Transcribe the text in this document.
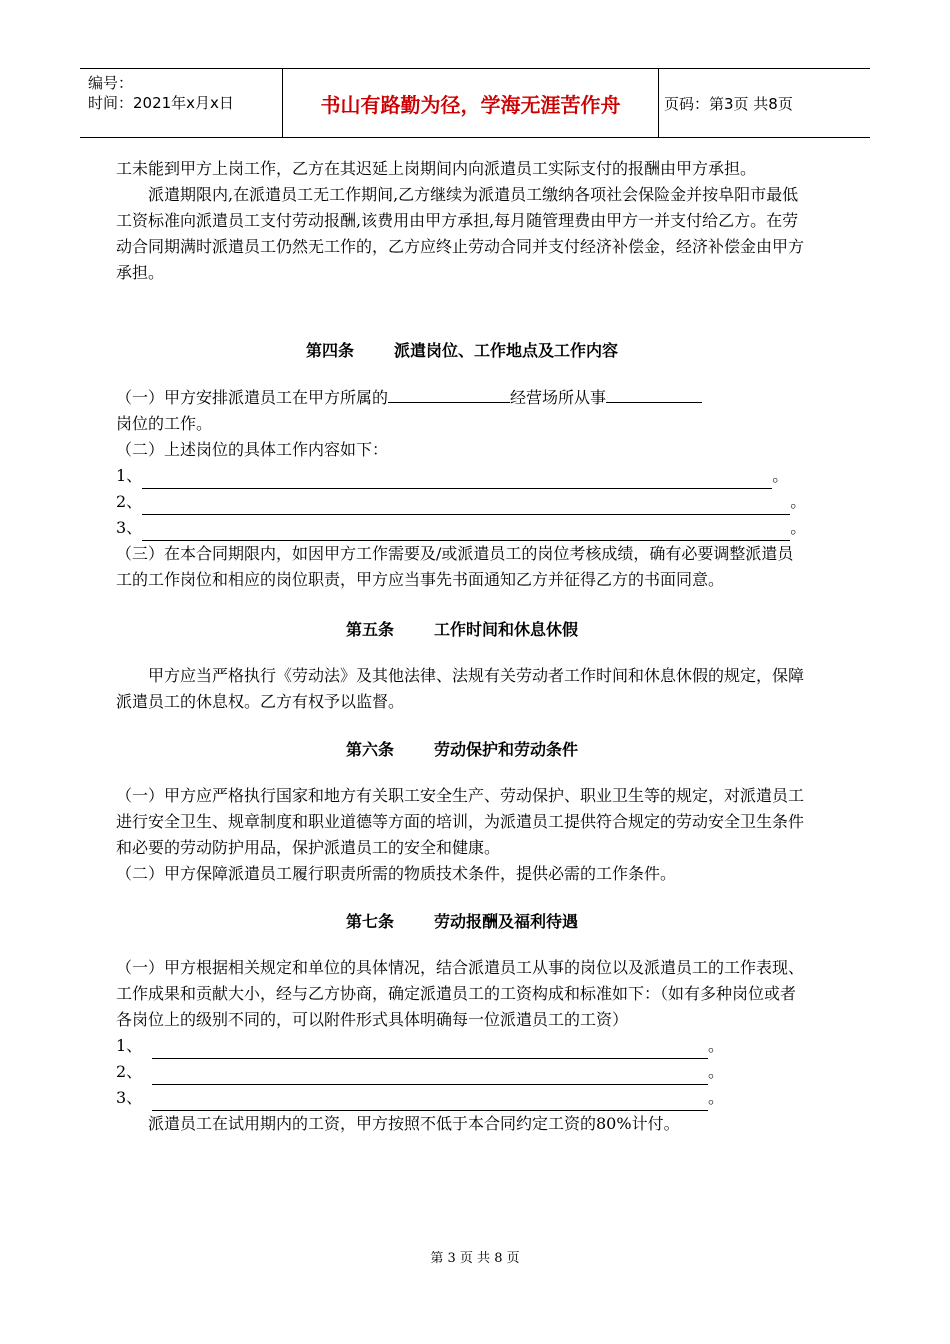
编号：
时间：2021年x月x日	书山有路勤为径，学海无涯苦作舟	页码：第3页 共8页

工未能到甲方上岗工作，乙方在其迟延上岗期间内向派遣员工实际支付的报酬由甲方承担。

派遣期限内,在派遣员工无工作期间,乙方继续为派遣员工缴纳各项社会保险金并按阜阳市最低工资标准向派遣员工支付劳动报酬,该费用由甲方承担,每月随管理费由甲方一并支付给乙方。在劳动合同期满时派遣员工仍然无工作的，乙方应终止劳动合同并支付经济补偿金，经济补偿金由甲方承担。

第四条	派遣岗位、工作地点及工作内容

（一）甲方安排派遣员工在甲方所属的	经营场所从事

岗位的工作。

（二）上述岗位的具体工作内容如下：

1、	。
2、	。
3、	。

（三）在本合同期限内，如因甲方工作需要及/或派遣员工的岗位考核成绩，确有必要调整派遣员工的工作岗位和相应的岗位职责，甲方应当事先书面通知乙方并征得乙方的书面同意。

第五条	工作时间和休息休假

甲方应当严格执行《劳动法》及其他法律、法规有关劳动者工作时间和休息休假的规定，保障派遣员工的休息权。乙方有权予以监督。

第六条	劳动保护和劳动条件

（一）甲方应严格执行国家和地方有关职工安全生产、劳动保护、职业卫生等的规定，对派遣员工进行安全卫生、规章制度和职业道德等方面的培训，为派遣员工提供符合规定的劳动安全卫生条件和必要的劳动防护用品，保护派遣员工的安全和健康。

（二）甲方保障派遣员工履行职责所需的物质技术条件，提供必需的工作条件。

第七条	劳动报酬及福利待遇

（一）甲方根据相关规定和单位的具体情况，结合派遣员工从事的岗位以及派遣员工的工作表现、工作成果和贡献大小，经与乙方协商，确定派遣员工的工资构成和标准如下：（如有多种岗位或者各岗位上的级别不同的，可以附件形式具体明确每一位派遣员工的工资）

1、	。
2、	。
3、	。

派遣员工在试用期内的工资，甲方按照不低于本合同约定工资的80%计付。

第 3 页 共 8 页
